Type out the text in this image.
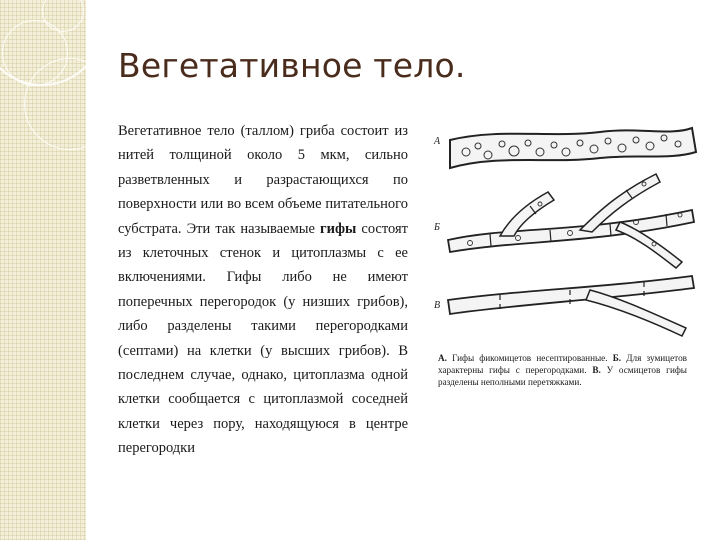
Вегетативное тело.
Вегетативное тело (таллом) гриба состоит из нитей толщиной около 5 мкм, сильно разветвленных и разрастающихся по поверхности или во всем объеме питательного субстрата. Эти так называемые гифы состоят из клеточных стенок и цитоплазмы с ее включениями. Гифы либо не имеют поперечных перегородок (у низших грибов), либо разделены такими перегородками (септами) на клетки (у высших грибов). В последнем случае, однако, цитоплазма одной клетки сообщается с цитоплазмой соседней клетки через пору, находящуюся в центре перегородки
А
Б
В
А. Гифы фикомицетов несептированные. Б. Для зумицетов характерны гифы с перегородками. В. У осмицетов гифы разделены неполными перетяжками.
